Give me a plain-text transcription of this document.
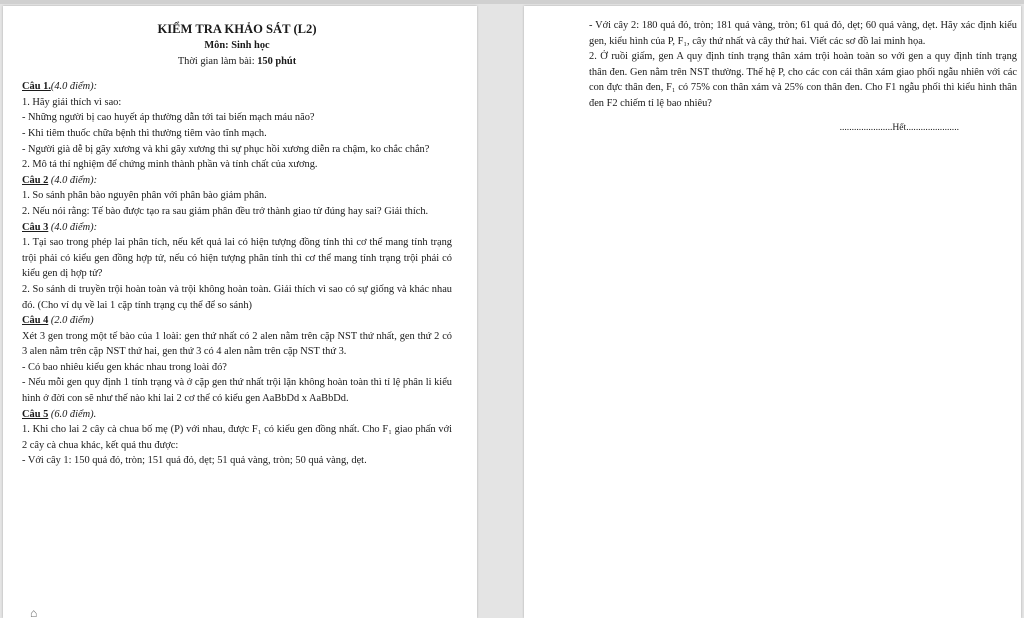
KIỂM TRA KHẢO SÁT (L2)

Môn: Sinh học

Thời gian làm bài: 150 phút

Câu 1.(4.0 điểm):

1. Hãy giải thích vì sao:

- Những người bị cao huyết áp thường dẫn tới tai biến mạch máu não?

- Khi tiêm thuốc chữa bệnh thì thường tiêm vào tĩnh mạch.

- Người già dễ bị gãy xương và khi gãy xương thì sự phục hồi xương diễn ra chậm, ko chắc chắn?

2. Mô tả thí nghiệm để chứng minh thành phần và tính chất của xương.

Câu 2 (4.0 điểm):

1. So sánh phân bào nguyên phân với phân bào giảm phân.

2. Nếu nói rằng: Tế bào được tạo ra sau giảm phân đều trở thành giao tử đúng hay sai? Giải thích.

Câu 3 (4.0 điểm):

1. Tại sao trong phép lai phân tích, nếu kết quả lai có hiện tượng đồng tính thì cơ thể mang tính trạng trội phải có kiểu gen đồng hợp tử, nếu có hiện tượng phân tính thì cơ thể mang tính trạng trội phải có kiểu gen dị hợp tử?

2. So sánh di truyền trội hoàn toàn và trội không hoàn toàn. Giải thích vì sao có sự giống và khác nhau đó. (Cho ví dụ về lai 1 cặp tính trạng cụ thể để so sánh)

Câu 4 (2.0 điểm)

Xét 3 gen trong một tế bào của 1 loài: gen thứ nhất có 2 alen nằm trên cặp NST thứ nhất, gen thứ 2 có 3 alen nằm trên cặp NST thứ hai, gen thứ 3 có 4 alen nằm trên cặp NST thứ 3.

- Có bao nhiêu kiểu gen khác nhau trong loài đó?

- Nếu mỗi gen quy định 1 tính trạng và ở cặp gen thứ nhất trội lặn không hoàn toàn thì tỉ lệ phân li kiểu hình ở đời con sẽ như thế nào khi lai 2 cơ thể có kiểu gen AaBbDd x AaBbDd.

Câu 5 (6.0 điểm).

1. Khi cho lai 2 cây cà chua bố mẹ (P) với nhau, được F₁ có kiểu gen đồng nhất. Cho F₁ giao phấn với 2 cây cà chua khác, kết quả thu được:

- Với cây 1: 150 quả đỏ, tròn; 151 quả đỏ, dẹt; 51 quả vàng, tròn; 50 quả vàng, dẹt.

⌂

- Với cây 2: 180 quả đỏ, tròn; 181 quả vàng, tròn; 61 quả đỏ, dẹt; 60 quả vàng, dẹt. Hãy xác định kiểu gen, kiểu hình của P, F₁, cây thứ nhất và cây thứ hai. Viết các sơ đồ lai minh họa.

2. Ở ruồi giấm, gen A quy định tính trạng thân xám trội hoàn toàn so với gen a quy định tính trạng thân đen. Gen nằm trên NST thường. Thế hệ P, cho các con cái thân xám giao phối ngẫu nhiên với các con đực thân đen, F₁ có 75% con thân xám và 25% con thân đen. Cho F1 ngẫu phối thì kiểu hình thân đen F2 chiếm tỉ lệ bao nhiêu?

......................Hết......................
